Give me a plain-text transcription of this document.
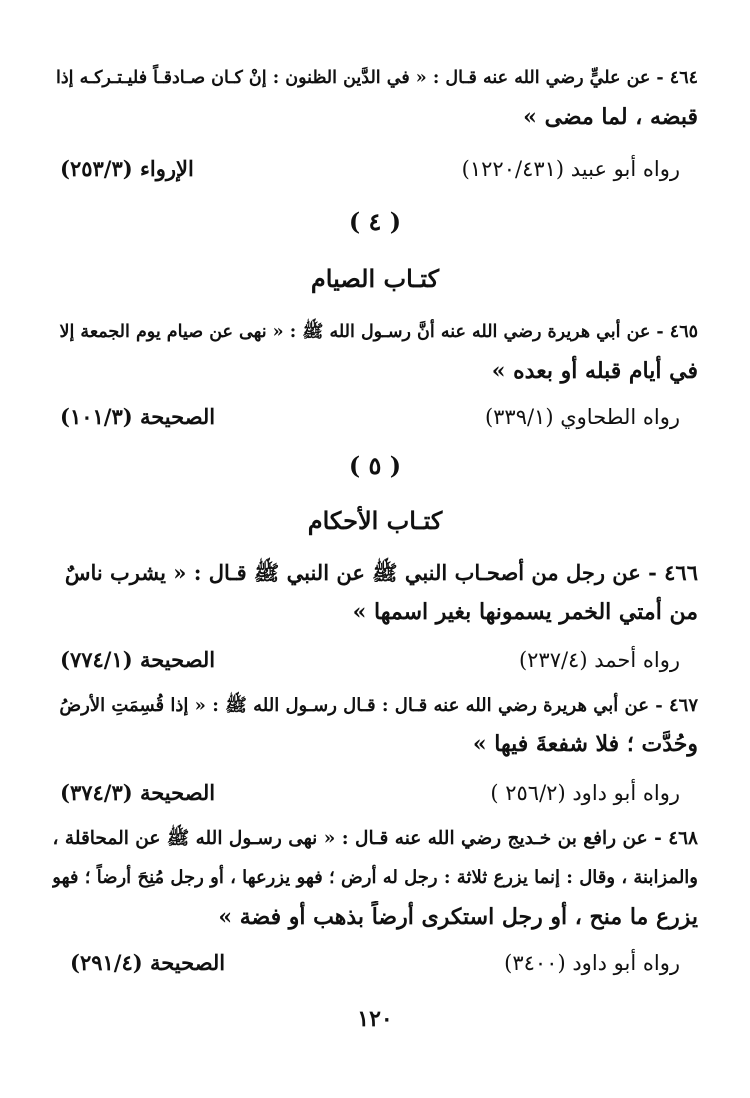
٤٦٤ - عن عليٍّ رضي الله عنه قـال : « في الدَّين الظنون : إنْ كـان صـادقـاً فليـتـركـه إذا
قبضه ، لما مضى »
رواه أبو عبيد (١٢٢٠/٤٣١)
الإرواء (٢٥٣/٣)
( ٤ )
كتـاب الصيام
٤٦٥ - عن أبي هريرة رضي الله عنه أنَّ رسـول الله ﷺ : « نهى عن صيام يوم الجمعة إلا
في أيام قبله أو بعده »
رواه الطحاوي (٣٣٩/١)
الصحيحة (١٠١/٣)
( ٥ )
كتـاب الأحكام
٤٦٦ - عن رجل من أصحـاب النبي ﷺ عن النبي ﷺ قـال : « يشرب ناسٌ
من أمتي الخمر يسمونها بغير اسمها »
رواه أحمد (٢٣٧/٤)
الصحيحة (٧٧٤/١)
٤٦٧ - عن أبي هريرة رضي الله عنه قـال : قـال رسـول الله ﷺ : « إذا قُسِمَتِ الأرضُ
وحُدَّت ؛ فلا شفعةَ فيها »
رواه أبو داود (٢٥٦/٢ )
الصحيحة (٣٧٤/٣)
٤٦٨ - عن رافع بن خـديج رضي الله عنه قـال : « نهى رسـول الله ﷺ عن المحاقلة ،
والمزابنة ، وقال : إنما يزرع ثلاثة : رجل له أرض ؛ فهو يزرعها ، أو رجل مُنِحَ أرضاً ؛ فهو
يزرع ما منح ، أو رجل استكرى أرضاً بذهب أو فضة »
رواه أبو داود (٣٤٠٠)
الصحيحة (٢٩١/٤)
١٢٠
